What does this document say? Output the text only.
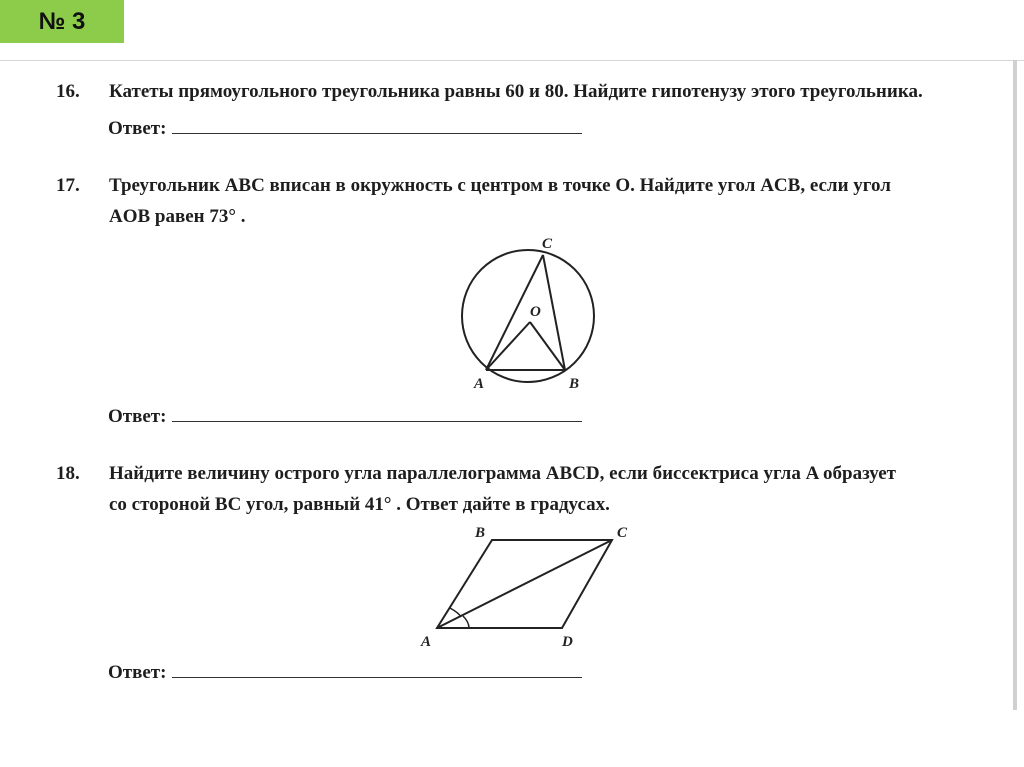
№ 3
16. Катеты прямоугольного треугольника равны 60 и 80. Найдите гипотенузу этого треугольника.
Ответ:
17. Треугольник ABC вписан в окружность с центром в точке O. Найдите угол ACB, если угол
AOB равен 73° .
C
O
A	B
Ответ:
18. Найдите величину острого угла параллелограмма ABCD, если биссектриса угла A образует
со стороной BC угол, равный 41° . Ответ дайте в градусах.
A
B	C
D
Ответ:
